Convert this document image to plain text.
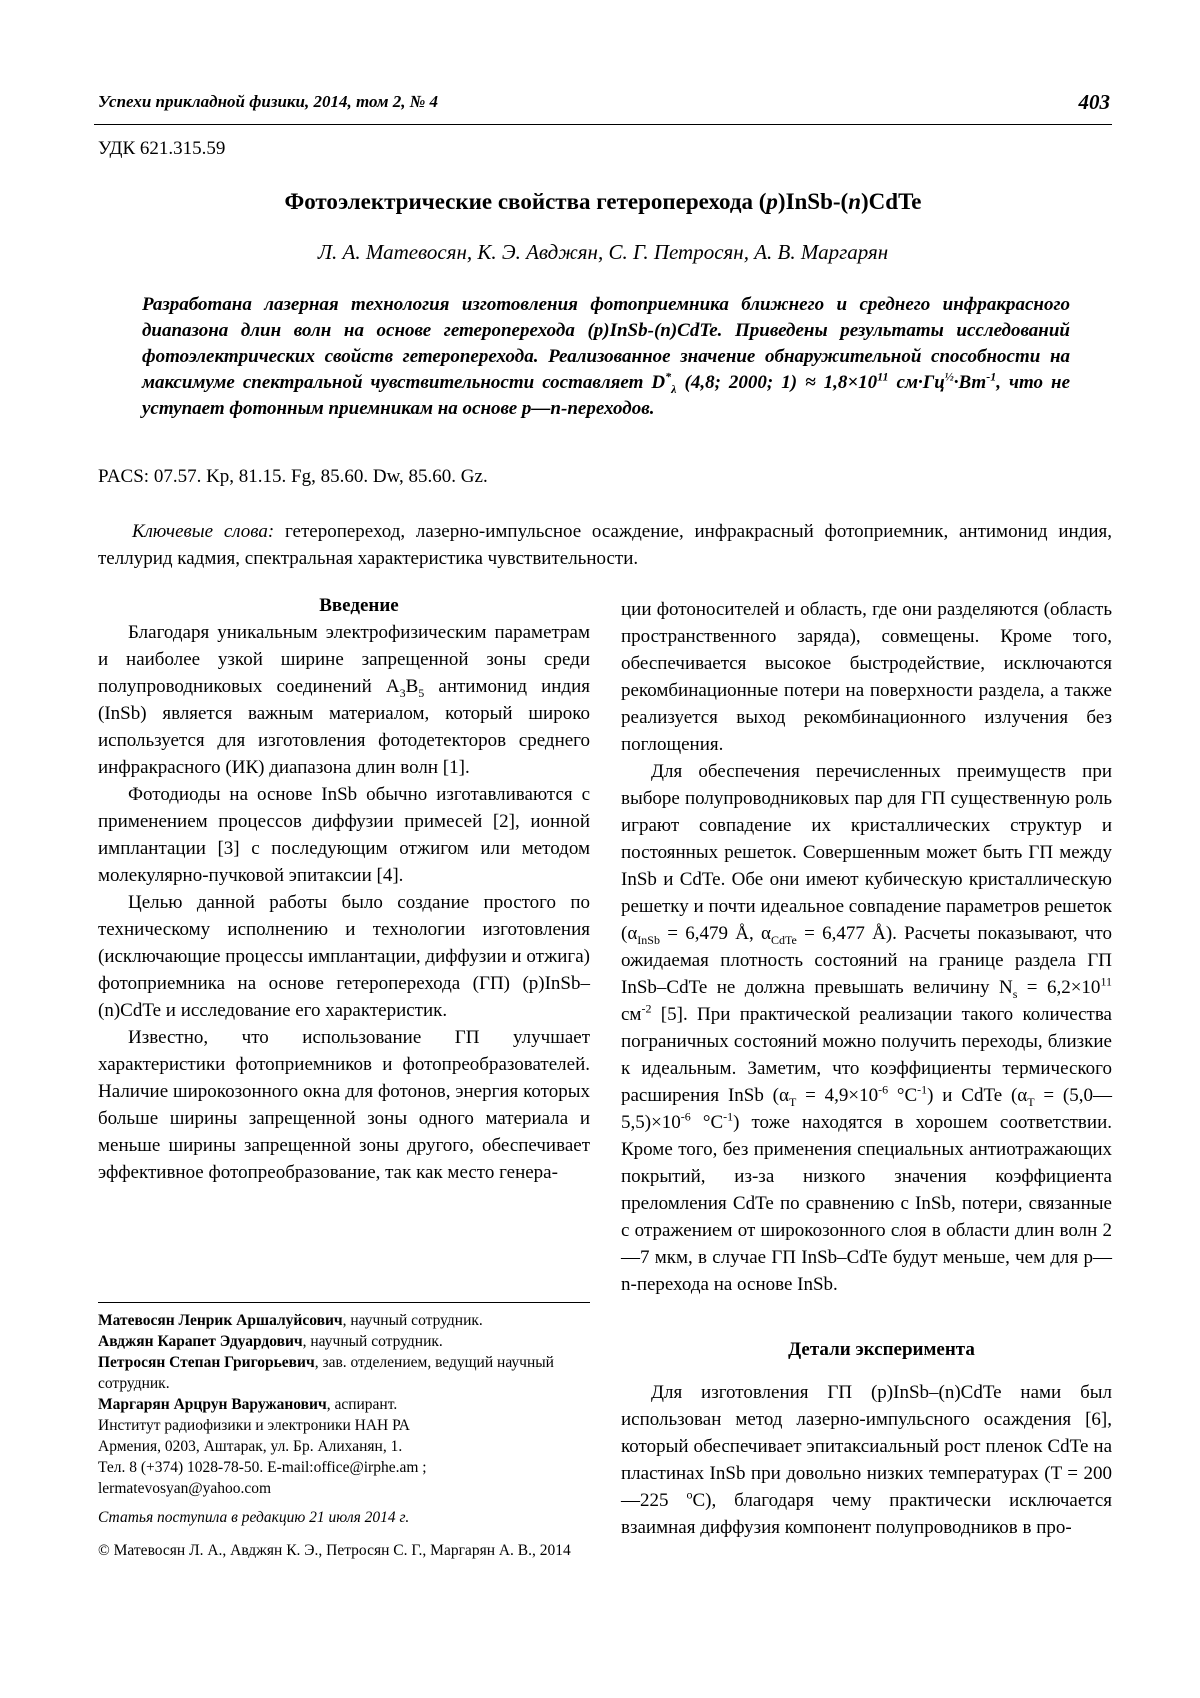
Успехи прикладной физики, 2014, том 2, № 4	403
УДК 621.315.59
Фотоэлектрические свойства гетероперехода (p)InSb-(n)CdTe
Л. А. Матевосян, К. Э. Авджян, С. Г. Петросян, А. В. Маргарян
Разработана лазерная технология изготовления фотоприемника ближнего и среднего инфракрасного диапазона длин волн на основе гетероперехода (p)InSb-(n)CdTe. Приведены результаты исследований фотоэлектрических свойств гетероперехода. Реализованное значение обнаружительной способности на максимуме спектральной чувствительности составляет $D^*_\lambda$ (4,8; 2000; $1) \approx 1,8\times 10^{11}$ $см\cdot Гц^{\frac{1}{2}}\cdot Вт^{-1}$, что не уступает фотонным приемникам на основе p—n-переходов.
PACS: 07.57. Kp, 81.15. Fg, 85.60. Dw, 85.60. Gz.
Ключевые слова: гетеропереход, лазерно-импульсное осаждение, инфракрасный фотоприемник, антимонид индия, теллурид кадмия, спектральная характеристика чувствительности.

Введение

Благодаря уникальным электрофизическим параметрам и наиболее узкой ширине запрещенной зоны среди полупроводниковых соединений $A_3B_5$ антимонид индия (InSb) является важным материалом, который широко используется для изготовления фотодетекторов среднего инфракрасного (ИК) диапазона длин волн [1].

Фотодиоды на основе InSb обычно изготавливаются с применением процессов диффузии примесей [2], ионной имплантации [3] с последующим отжигом или методом молекулярно-пучковой эпитаксии [4].

Целью данной работы было создание простого по техническому исполнению и технологии изготовления (исключающие процессы имплантации, диффузии и отжига) фотоприемника на основе гетероперехода (ГП) (p)InSb–(n)CdTe и исследование его характеристик.

Известно, что использование ГП улучшает характеристики фотоприемников и фотопреобразователей. Наличие широкозонного окна для фотонов, энергия которых больше ширины запрещенной зоны одного материала и меньше ширины запрещенной зоны другого, обеспечивает эффективное фотопреобразование, так как место генера-

ции фотоносителей и область, где они разделяются (область пространственного заряда), совмещены. Кроме того, обеспечивается высокое быстродействие, исключаются рекомбинационные потери на поверхности раздела, а также реализуется выход рекомбинационного излучения без поглощения.

Для обеспечения перечисленных преимуществ при выборе полупроводниковых пар для ГП существенную роль играют совпадение их кристаллических структур и постоянных решеток. Совершенным может быть ГП между InSb и CdTe. Обе они имеют кубическую кристаллическую решетку и почти идеальное совпадение параметров решеток ($\alpha_{InSb} = 6,479$ Å, $\alpha_{CdTe} = 6,477$ Å). Расчеты показывают, что ожидаемая плотность состояний на границе раздела ГП InSb–CdTe не должна превышать величину $N_s = 6,2\times 10^{11}$ $см^{-2}$ [5]. При практической реализации такого количества пограничных состояний можно получить переходы, близкие к идеальным. Заметим, что коэффициенты термического расширения InSb ($\alpha_T = 4,9\times 10^{-6}$ $^\circ C^{-1}$) и CdTe ($\alpha_T$ = $(5,0—5,5)\times 10^{-6}$ $^\circ C^{-1}$) тоже находятся в хорошем соответствии. Кроме того, без применения специальных антиотражающих покрытий, из-за низкого значения коэффициента преломления CdTe по сравнению с InSb, потери, связанные с отражением от широкозонного слоя в области длин волн 2—7 мкм, в случае ГП InSb–CdTe будут меньше, чем для p—n-перехода на основе InSb.

Детали эксперимента

Для изготовления ГП (p)InSb–(n)CdTe нами был использован метод лазерно-импульсного осаждения [6], который обеспечивает эпитаксиальный рост пленок CdTe на пластинах InSb при довольно низких температурах (T = 200—225 $^o$C), благодаря чему практически исключается взаимная диффузия компонент полупроводников в про-

Матевосян Ленрик Аршалуйсович, научный сотрудник.
Авджян Карапет Эдуардович, научный сотрудник.
Петросян Степан Григорьевич, зав. отделением, ведущий научный сотрудник.
Маргарян Арцрун Варужанович, аспирант.
Институт радиофизики и электроники НАН РА
Армения, 0203, Аштарак, ул. Бр. Алиханян, 1.
Тел. 8 (+374) 1028-78-50. E-mail:office@irphe.am ;
lermatevosyan@yahoo.com
Статья поступила в редакцию 21 июля 2014 г.
© Матевосян Л. А., Авджян К. Э., Петросян С. Г., Маргарян А. В., 2014
